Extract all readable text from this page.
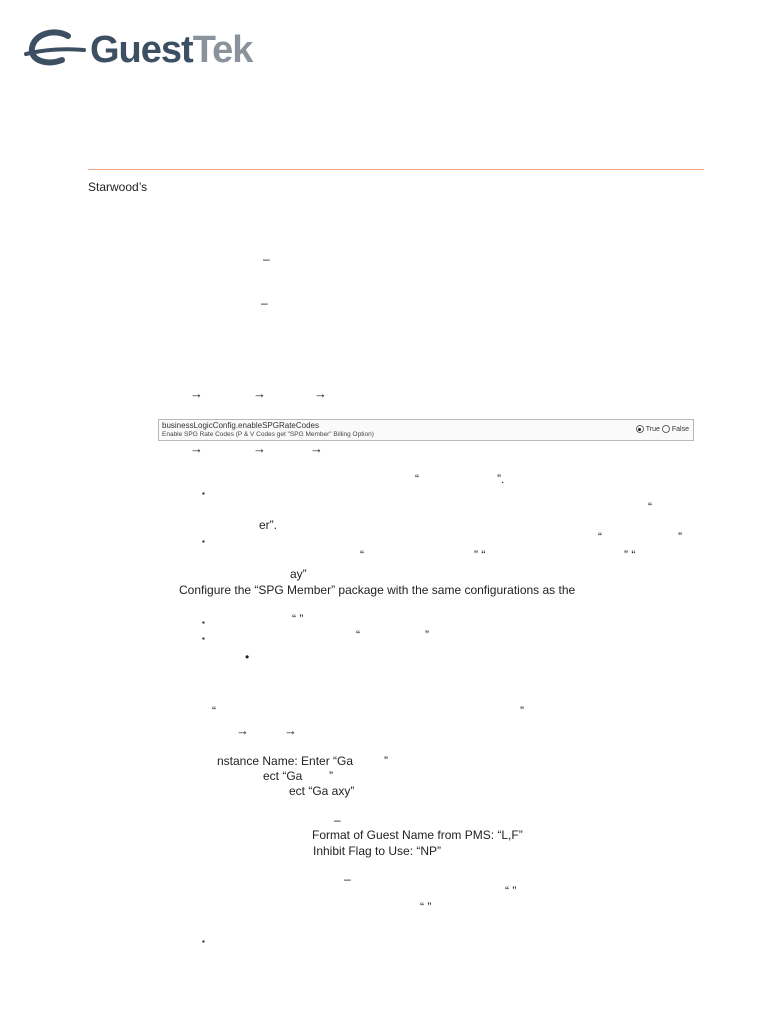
GuestTek
Starwood’s
–
–
→	→	→
businessLogicConfig.enableSPGRateCodes
Enable SPG Rate Codes (P & V Codes get "SPG Member" Billing Option)
True False
→	→	→
“	”.
▪
“
er”.
▪	“	”
“	” “	” “
ay”
Configure the “SPG Member” package with the same configurations as the
▪	“ ”
▪	“	”
•
“	”
→	→
nstance Name: Enter “Ga	”
ect “Ga ”
ect “Ga axy”
–
Format of Guest Name from PMS: “L,F”
Inhibit Flag to Use: “NP”
–
“ ”
“ ”
▪
